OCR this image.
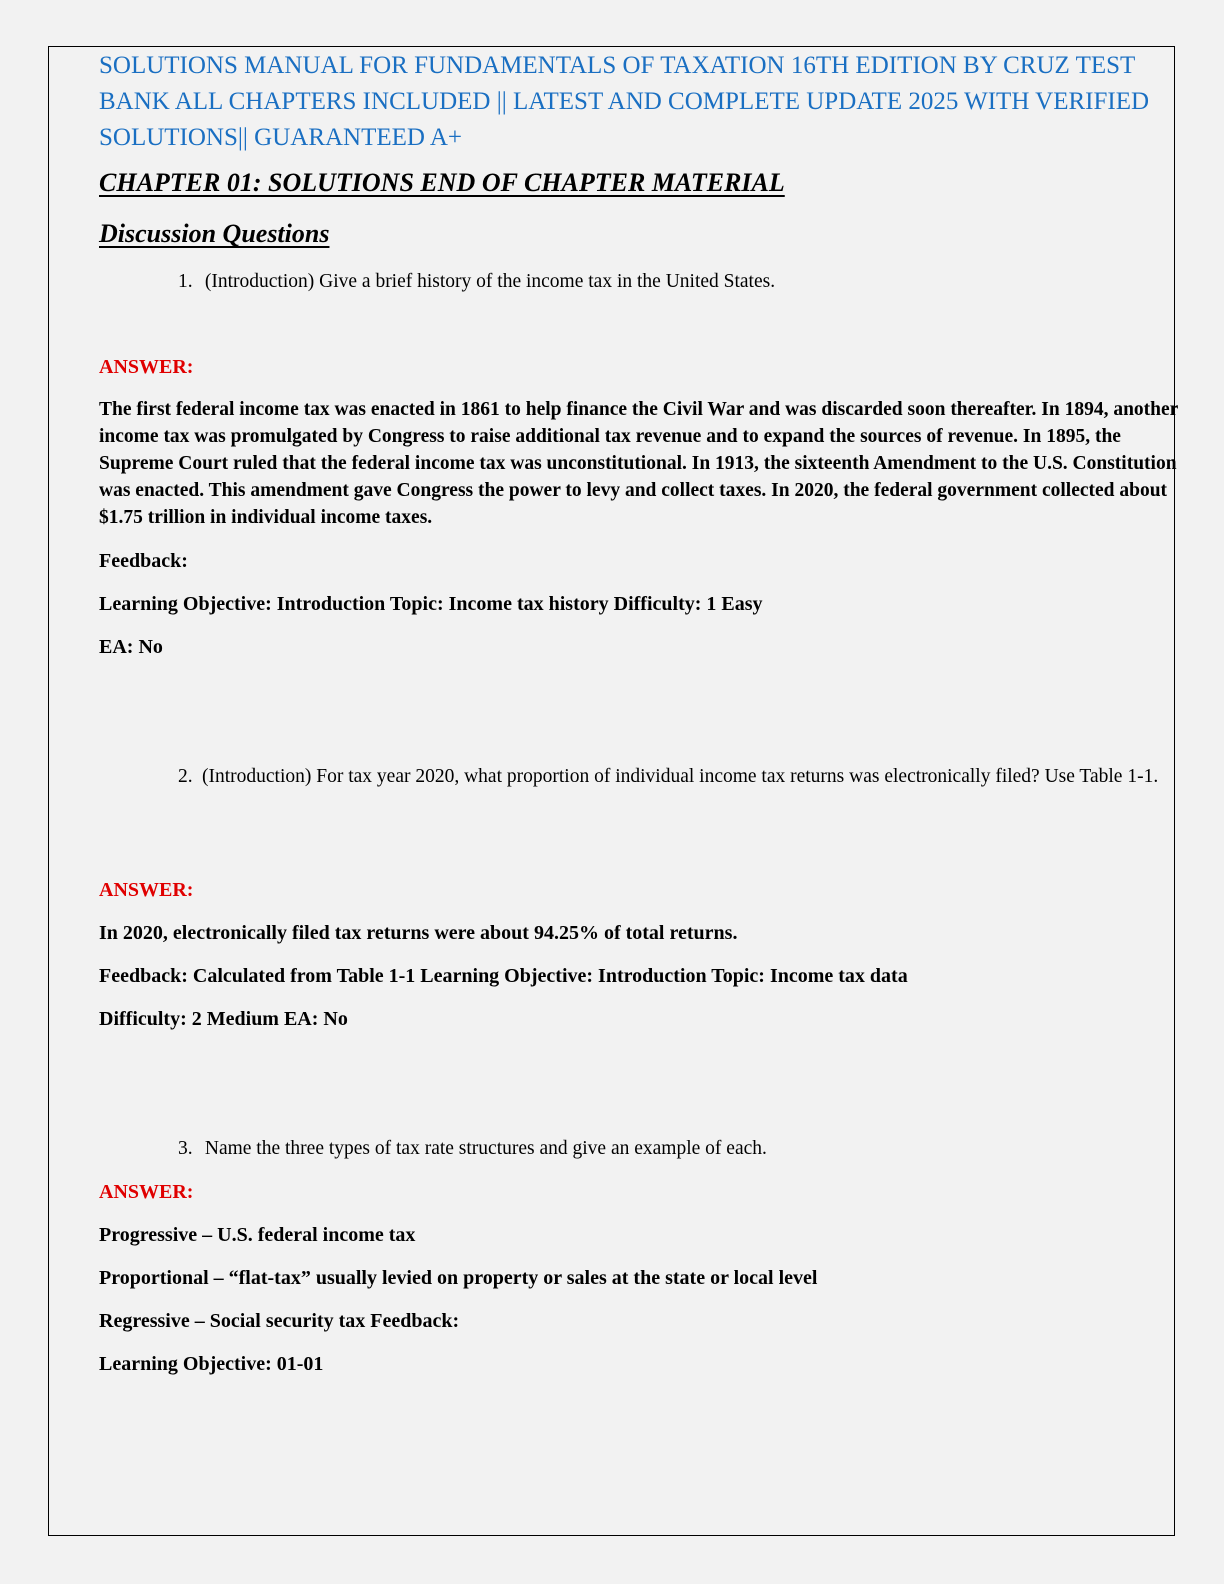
SOLUTIONS MANUAL FOR FUNDAMENTALS OF TAXATION 16TH EDITION BY CRUZ TEST BANK ALL CHAPTERS INCLUDED || LATEST AND COMPLETE UPDATE 2025 WITH VERIFIED SOLUTIONS|| GUARANTEED A+
CHAPTER 01: SOLUTIONS END OF CHAPTER MATERIAL
Discussion Questions
1. (Introduction) Give a brief history of the income tax in the United States.
ANSWER:

The first federal income tax was enacted in 1861 to help finance the Civil War and was discarded soon thereafter. In 1894, another income tax was promulgated by Congress to raise additional tax revenue and to expand the sources of revenue. In 1895, the Supreme Court ruled that the federal income tax was unconstitutional. In 1913, the sixteenth Amendment to the U.S. Constitution was enacted. This amendment gave Congress the power to levy and collect taxes. In 2020, the federal government collected about $1.75 trillion in individual income taxes.

Feedback:
Learning Objective: Introduction Topic: Income tax history Difficulty: 1 Easy
EA: No
2. (Introduction) For tax year 2020, what proportion of individual income tax returns was electronically filed? Use Table 1-1.
ANSWER:
In 2020, electronically filed tax returns were about 94.25% of total returns.
Feedback: Calculated from Table 1-1 Learning Objective: Introduction Topic: Income tax data
Difficulty: 2 Medium EA: No
3. Name the three types of tax rate structures and give an example of each.
ANSWER:
Progressive – U.S. federal income tax
Proportional – “flat-tax” usually levied on property or sales at the state or local level
Regressive – Social security tax Feedback:
Learning Objective: 01-01
